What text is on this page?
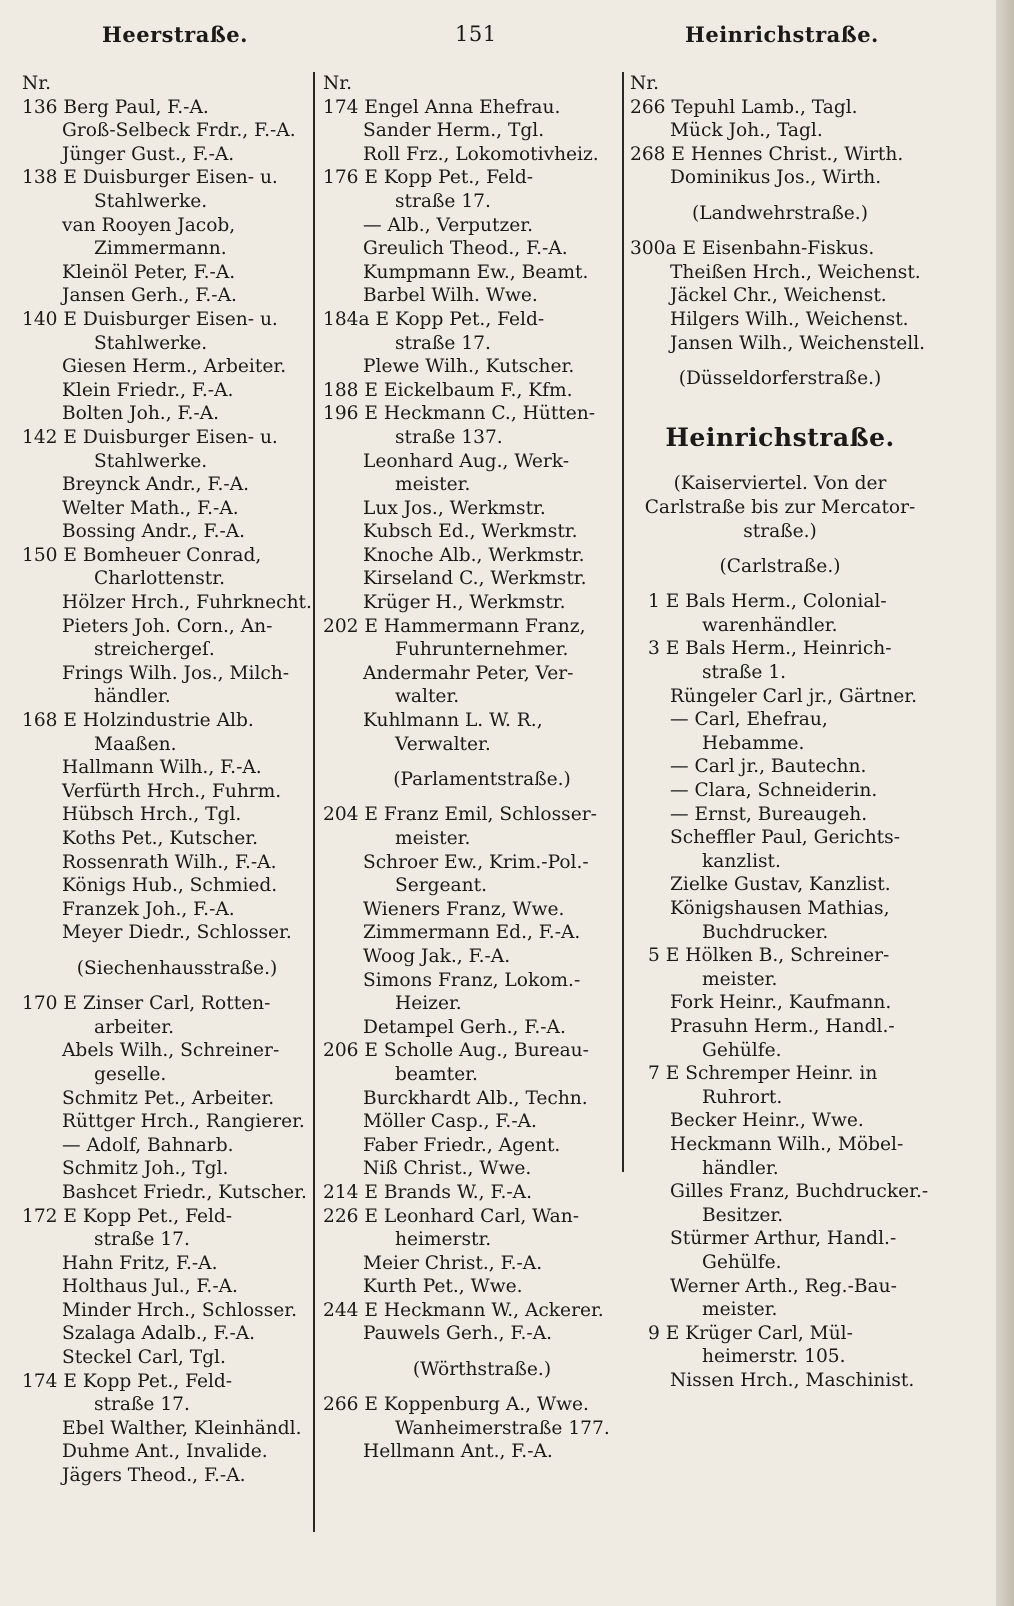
Heerstraße.	151	Heinrichstraße.
Nr.
136 Berg Paul, F.-A.
Groß-Selbeck Frdr., F.-A.
Jünger Gust., F.-A.
138 E Duisburger Eisen- u.
Stahlwerke.
van Rooyen Jacob,
Zimmermann.
Kleinöl Peter, F.-A.
Jansen Gerh., F.-A.
140 E Duisburger Eisen- u.
Stahlwerke.
Giesen Herm., Arbeiter.
Klein Friedr., F.-A.
Bolten Joh., F.-A.
142 E Duisburger Eisen- u.
Stahlwerke.
Breynck Andr., F.-A.
Welter Math., F.-A.
Bossing Andr., F.-A.
150 E Bomheuer Conrad,
Charlottenstr.
Hölzer Hrch., Fuhrknecht.
Pieters Joh. Corn., An-
streichergeſ.
Frings Wilh. Jos., Milch-
händler.
168 E Holzindustrie Alb.
Maaßen.
Hallmann Wilh., F.-A.
Verfürth Hrch., Fuhrm.
Hübsch Hrch., Tgl.
Koths Pet., Kutscher.
Rossenrath Wilh., F.-A.
Königs Hub., Schmied.
Franzek Joh., F.-A.
Meyer Diedr., Schlosser.
(Siechenhausstraße.)
170 E Zinser Carl, Rotten-
arbeiter.
Abels Wilh., Schreiner-
geselle.
Schmitz Pet., Arbeiter.
Rüttger Hrch., Rangierer.
— Adolf, Bahnarb.
Schmitz Joh., Tgl.
Bashcet Friedr., Kutscher.
172 E Kopp Pet., Feld-
straße 17.
Hahn Fritz, F.-A.
Holthaus Jul., F.-A.
Minder Hrch., Schlosser.
Szalaga Adalb., F.-A.
Steckel Carl, Tgl.
174 E Kopp Pet., Feld-
straße 17.
Ebel Walther, Kleinhändl.
Duhme Ant., Invalide.
Jägers Theod., F.-A.
Nr.
174 Engel Anna Ehefrau.
Sander Herm., Tgl.
Roll Frz., Lokomotivheiz.
176 E Kopp Pet., Feld-
straße 17.
— Alb., Verputzer.
Greulich Theod., F.-A.
Kumpmann Ew., Beamt.
Barbel Wilh. Wwe.
184a E Kopp Pet., Feld-
straße 17.
Plewe Wilh., Kutscher.
188 E Eickelbaum F., Kfm.
196 E Heckmann C., Hütten-
straße 137.
Leonhard Aug., Werk-
meister.
Lux Jos., Werkmstr.
Kubsch Ed., Werkmstr.
Knoche Alb., Werkmstr.
Kirseland C., Werkmstr.
Krüger H., Werkmstr.
202 E Hammermann Franz,
Fuhrunternehmer.
Andermahr Peter, Ver-
walter.
Kuhlmann L. W. R.,
Verwalter.
(Parlamentstraße.)
204 E Franz Emil, Schlosser-
meister.
Schroer Ew., Krim.-Pol.-
Sergeant.
Wieners Franz, Wwe.
Zimmermann Ed., F.-A.
Woog Jak., F.-A.
Simons Franz, Lokom.-
Heizer.
Detampel Gerh., F.-A.
206 E Scholle Aug., Bureau-
beamter.
Burckhardt Alb., Techn.
Möller Casp., F.-A.
Faber Friedr., Agent.
Niß Christ., Wwe.
214 E Brands W., F.-A.
226 E Leonhard Carl, Wan-
heimerstr.
Meier Christ., F.-A.
Kurth Pet., Wwe.
244 E Heckmann W., Ackerer.
Pauwels Gerh., F.-A.
(Wörthstraße.)
266 E Koppenburg A., Wwe.
Wanheimerstraße 177.
Hellmann Ant., F.-A.
Nr.
266 Tepuhl Lamb., Tagl.
Mück Joh., Tagl.
268 E Hennes Christ., Wirth.
Dominikus Jos., Wirth.
(Landwehrstraße.)
300a E Eisenbahn-Fiskus.
Theißen Hrch., Weichenst.
Jäckel Chr., Weichenst.
Hilgers Wilh., Weichenst.
Jansen Wilh., Weichenstell.
(Düsseldorferstraße.)
Heinrichstraße.
(Kaiserviertel. Von der
Carlstraße bis zur Mercator-
straße.)
(Carlstraße.)
1 E Bals Herm., Colonial-
warenhändler.
3 E Bals Herm., Heinrich-
straße 1.
Rüngeler Carl jr., Gärtner.
— Carl, Ehefrau,
Hebamme.
— Carl jr., Bautechn.
— Clara, Schneiderin.
— Ernst, Bureaugeh.
Scheffler Paul, Gerichts-
kanzlist.
Zielke Gustav, Kanzlist.
Königshausen Mathias,
Buchdrucker.
5 E Hölken B., Schreiner-
meister.
Fork Heinr., Kaufmann.
Prasuhn Herm., Handl.-
Gehülfe.
7 E Schremper Heinr. in
Ruhrort.
Becker Heinr., Wwe.
Heckmann Wilh., Möbel-
händler.
Gilles Franz, Buchdrucker.-
Besitzer.
Stürmer Arthur, Handl.-
Gehülfe.
Werner Arth., Reg.-Bau-
meister.
9 E Krüger Carl, Mül-
heimerstr. 105.
Nissen Hrch., Maschinist.
